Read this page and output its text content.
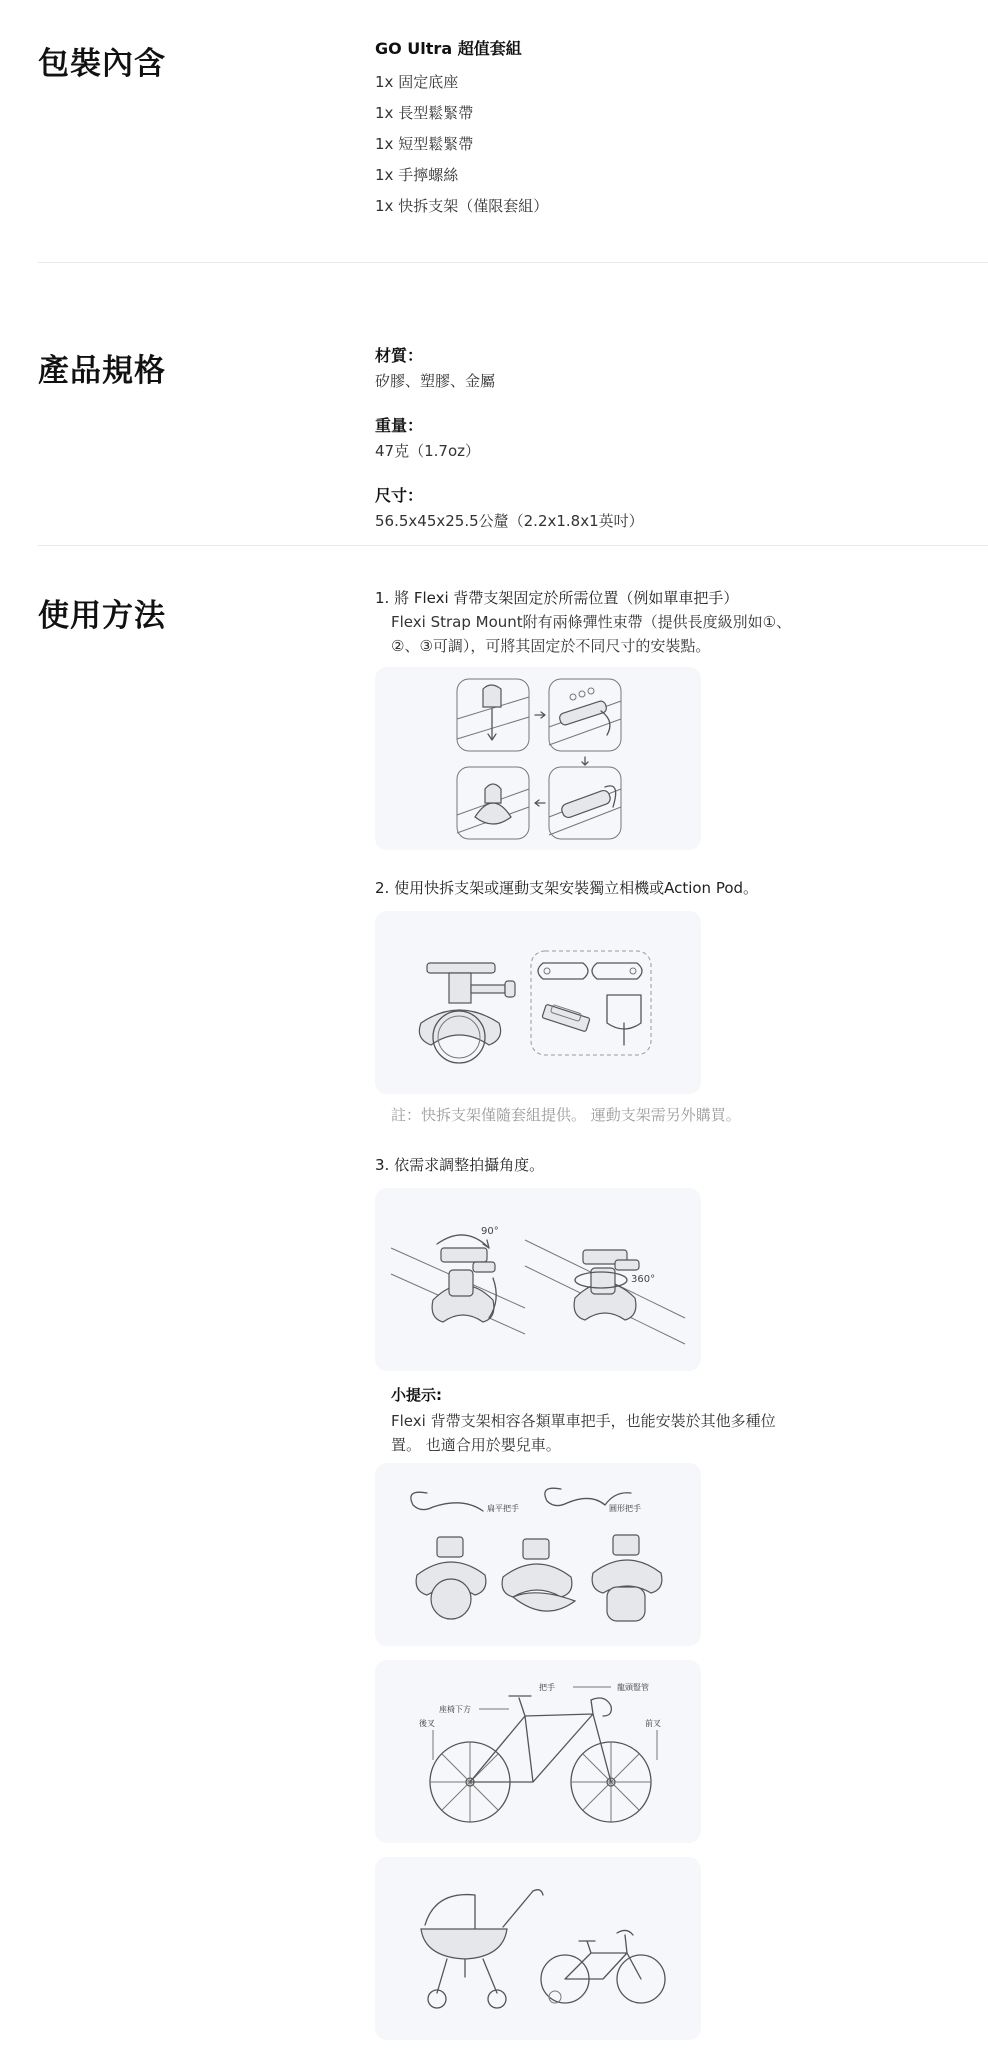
包裝內含	GO Ultra 超值套組
1x 固定底座
1x 長型鬆緊帶
1x 短型鬆緊帶
1x 手擰螺絲
1x 快拆支架（僅限套組）
產品規格	材質：
矽膠、塑膠、金屬
重量：
47克（1.7oz）
尺寸：
56.5x45x25.5公釐（2.2x1.8x1英吋）
使用方法	1. 將 Flexi 背帶支架固定於所需位置（例如單車把手）
Flexi Strap Mount附有兩條彈性束帶（提供長度級別如①、
②、③可調），可將其固定於不同尺寸的安裝點。
2. 使用快拆支架或運動支架安裝獨立相機或Action Pod。
註：快拆支架僅隨套組提供。 運動支架需另外購買。
3. 依需求調整拍攝角度。
90°
360°
小提示:
Flexi 背帶支架相容各類單車把手，也能安裝於其他多種位
置。 也適合用於嬰兒車。
扁平把手	圓形把手
把手	龍頭豎管
座椅下方
後叉	前叉
